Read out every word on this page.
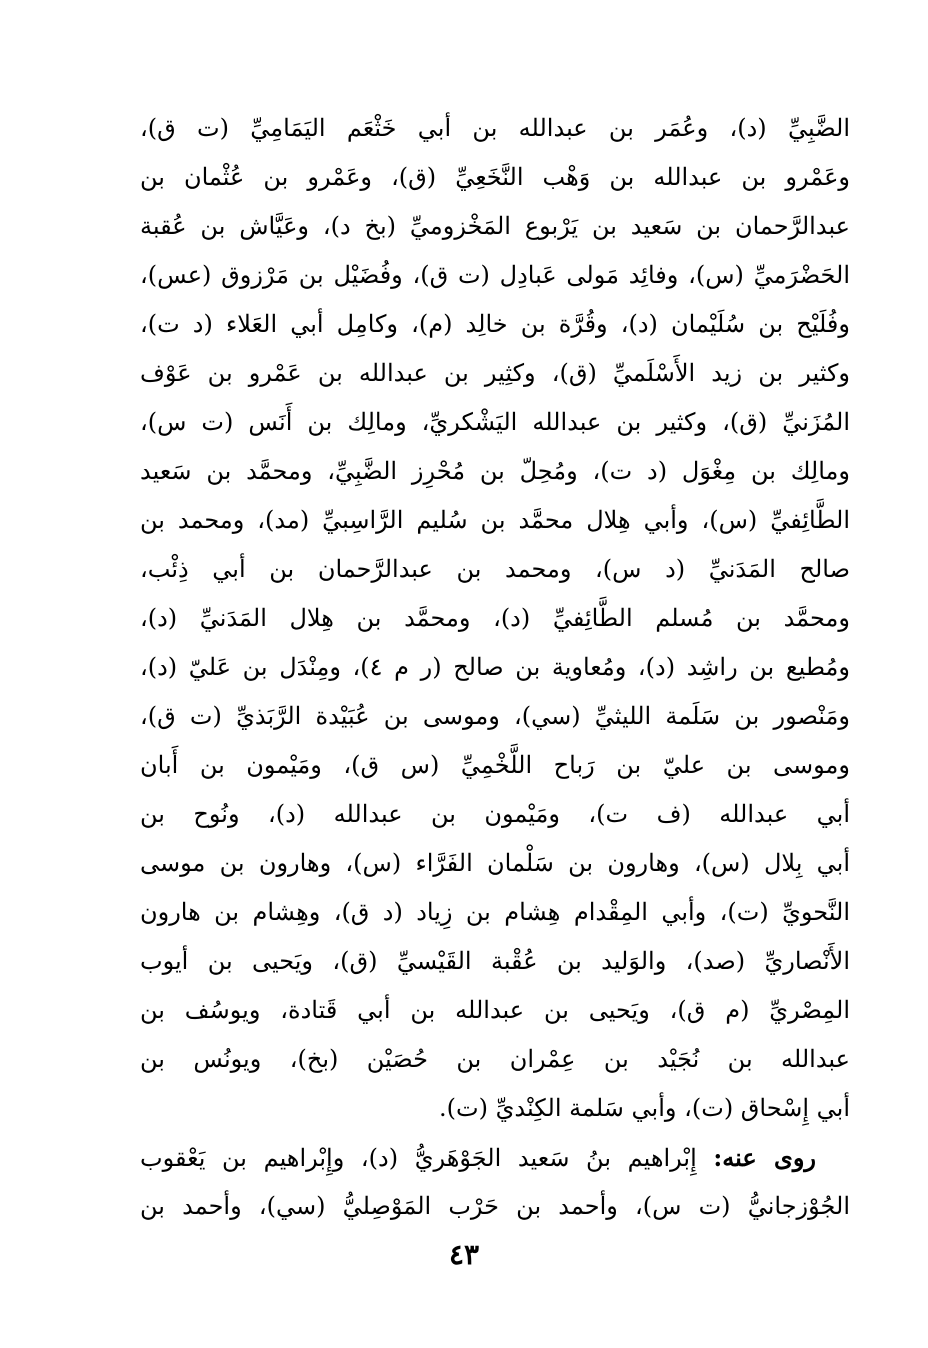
الضَّبِيِّ (د)، وعُمَر بن عبدالله بن أبي خَثْعَم اليَمَامِيِّ (ت ق)،
وعَمْرو بن عبدالله بن وَهْب النَّخَعِيِّ (ق)، وعَمْرو بن عُثْمان بن
عبدالرَّحمان بن سَعيد بن يَرْبوع المَخْزوميِّ (بخ د)، وعَيَّاش بن عُقبة
الحَضْرَميِّ (س)، وفائِد مَولى عَبادِل (ت ق)، وفُضَيْل بن مَرْزوق (عس)،
وفُلَيْح بن سُلَيْمان (د)، وقُرَّة بن خالِد (م)، وكامِل أبي العَلاء (د ت)،
وكثير بن زيد الأَسْلَميِّ (ق)، وكثِير بن عبدالله بن عَمْرو بن عَوْف
المُزَنيِّ (ق)، وكثير بن عبدالله اليَشْكريِّ، ومالِك بن أَنَس (ت س)،
ومالِك بن مِغْوَل (د ت)، ومُحِلّ بن مُحْرِز الضَّبِيِّ، ومحمَّد بن سَعيد
الطَّائِفيِّ (س)، وأبي هِلال محمَّد بن سُليم الرَّاسِبيِّ (مد)، ومحمد بن
صالح المَدَنيِّ (د س)، ومحمد بن عبدالرَّحمان بن أبي ذِئْب،
ومحمَّد بن مُسلم الطَّائِفيِّ (د)، ومحمَّد بن هِلال المَدَنيِّ (د)،
ومُطيع بن راشِد (د)، ومُعاوية بن صالح (ر م ٤)، ومِنْدَل بن عَليّ (د)،
ومَنْصور بن سَلَمة الليثيِّ (سي)، وموسى بن عُبَيْدة الرَّبَذيِّ (ت ق)،
وموسى بن عليّ بن رَباح اللَّخْمِيِّ (س ق)، ومَيْمون بن أَبان
أبي عبدالله (ف ت)، ومَيْمون بن عبدالله (د)، ونُوح بن
أبي بِلال (س)، وهارون بن سَلْمان الفَرَّاء (س)، وهارون بن موسى
النَّحويِّ (ت)، وأبي المِقْدام هِشام بن زِياد (د ق)، وهِشام بن هارون
الأَنْصاريِّ (صد)، والوَليد بن عُقْبة القَيْسيِّ (ق)، ويَحيى بن أيوب
المِصْريِّ (م ق)، ويَحيى بن عبدالله بن أبي قَتادة، ويوسُف بن
عبدالله بن نُجَيْد بن عِمْران بن حُصَيْن (بخ)، ويونُس بن
أبي إِسْحاق (ت)، وأبي سَلمة الكِنْديِّ (ت).
روى عنه: إِبْراهيم بنُ سَعيد الجَوْهَريُّ (د)، وإِبْراهيم بن يَعْقوب
الجُوْزجانيُّ (ت س)، وأحمد بن حَرْب المَوْصِليُّ (سي)، وأحمد بن
٤٣
